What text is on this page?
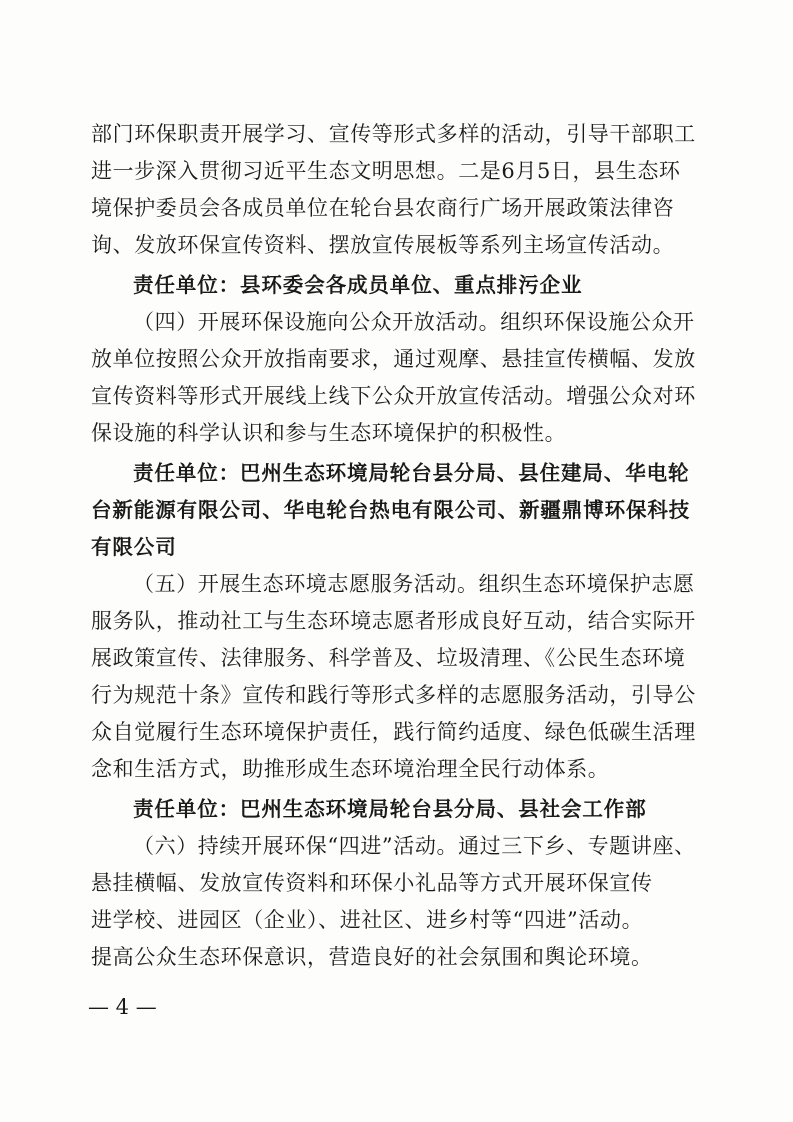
部门环保职责开展学习、宣传等形式多样的活动，引导干部职工
进一步深入贯彻习近平生态文明思想。二是6月5日，县生态环
境保护委员会各成员单位在轮台县农商行广场开展政策法律咨
询、发放环保宣传资料、摆放宣传展板等系列主场宣传活动。
责任单位：县环委会各成员单位、重点排污企业
（四）开展环保设施向公众开放活动。组织环保设施公众开
放单位按照公众开放指南要求，通过观摩、悬挂宣传横幅、发放
宣传资料等形式开展线上线下公众开放宣传活动。增强公众对环
保设施的科学认识和参与生态环境保护的积极性。
责任单位：巴州生态环境局轮台县分局、县住建局、华电轮
台新能源有限公司、华电轮台热电有限公司、新疆鼎博环保科技
有限公司
（五）开展生态环境志愿服务活动。组织生态环境保护志愿
服务队，推动社工与生态环境志愿者形成良好互动，结合实际开
展政策宣传、法律服务、科学普及、垃圾清理、《公民生态环境
行为规范十条》宣传和践行等形式多样的志愿服务活动，引导公
众自觉履行生态环境保护责任，践行简约适度、绿色低碳生活理
念和生活方式，助推形成生态环境治理全民行动体系。
责任单位：巴州生态环境局轮台县分局、县社会工作部
（六）持续开展环保“四进”活动。通过三下乡、专题讲座、
悬挂横幅、发放宣传资料和环保小礼品等方式开展环保宣传
进学校、进园区（企业）、进社区、进乡村等“四进”活动。
提高公众生态环保意识，营造良好的社会氛围和舆论环境。
— 4 —
